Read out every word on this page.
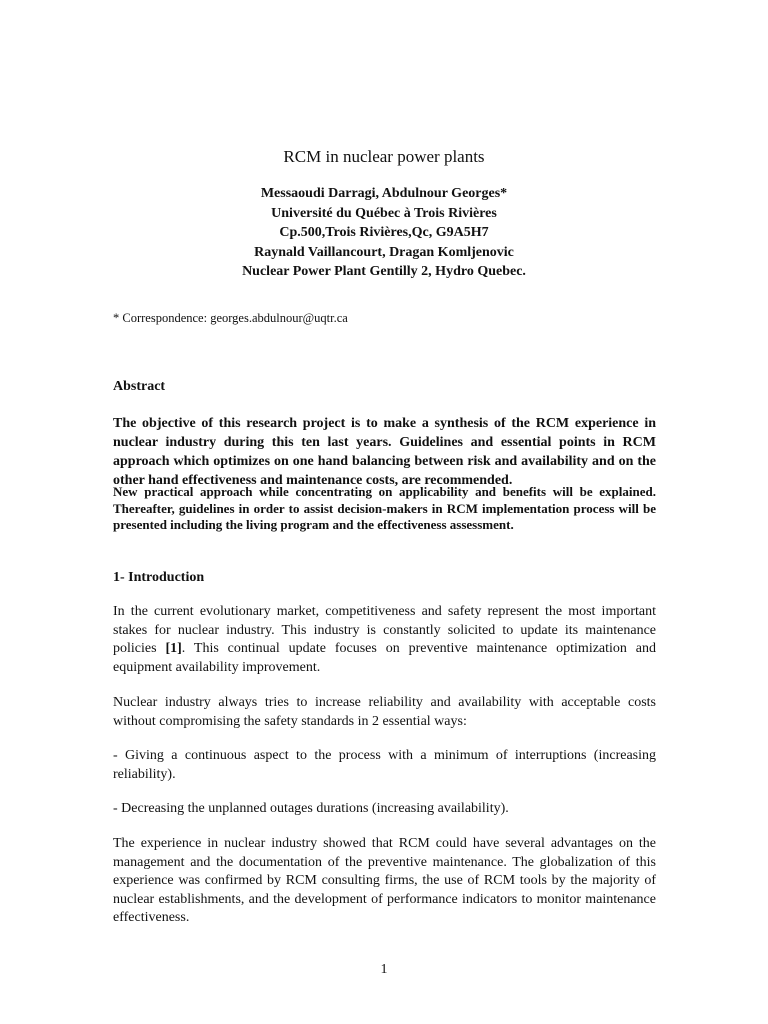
RCM in nuclear power plants
Messaoudi Darragi, Abdulnour Georges*
Université du Québec à Trois Rivières
Cp.500,Trois Rivières,Qc, G9A5H7
Raynald Vaillancourt, Dragan Komljenovic
Nuclear Power Plant Gentilly 2, Hydro Quebec.
* Correspondence: georges.abdulnour@uqtr.ca
Abstract
The objective of this research project is to make a synthesis of the RCM experience in nuclear industry during this ten last years. Guidelines and essential points in RCM approach which optimizes on one hand balancing between risk and availability and on the other hand effectiveness and maintenance costs, are recommended.
New practical approach while concentrating on applicability and benefits will be explained. Thereafter, guidelines in order to assist decision-makers in RCM implementation process will be presented including the living program and the effectiveness assessment.
1- Introduction
In the current evolutionary market, competitiveness and safety represent the most important stakes for nuclear industry. This industry is constantly solicited to update its maintenance policies [1]. This continual update focuses on preventive maintenance optimization and equipment availability improvement.
Nuclear industry always tries to increase reliability and availability with acceptable costs without compromising the safety standards in 2 essential ways:
- Giving a continuous aspect to the process with a minimum of interruptions (increasing reliability).
- Decreasing the unplanned outages durations (increasing availability).
The experience in nuclear industry showed that RCM could have several advantages on the management and the documentation of the preventive maintenance. The globalization of this experience was confirmed by RCM consulting firms, the use of RCM tools by the majority of nuclear establishments, and the development of performance indicators to monitor maintenance effectiveness.
1
